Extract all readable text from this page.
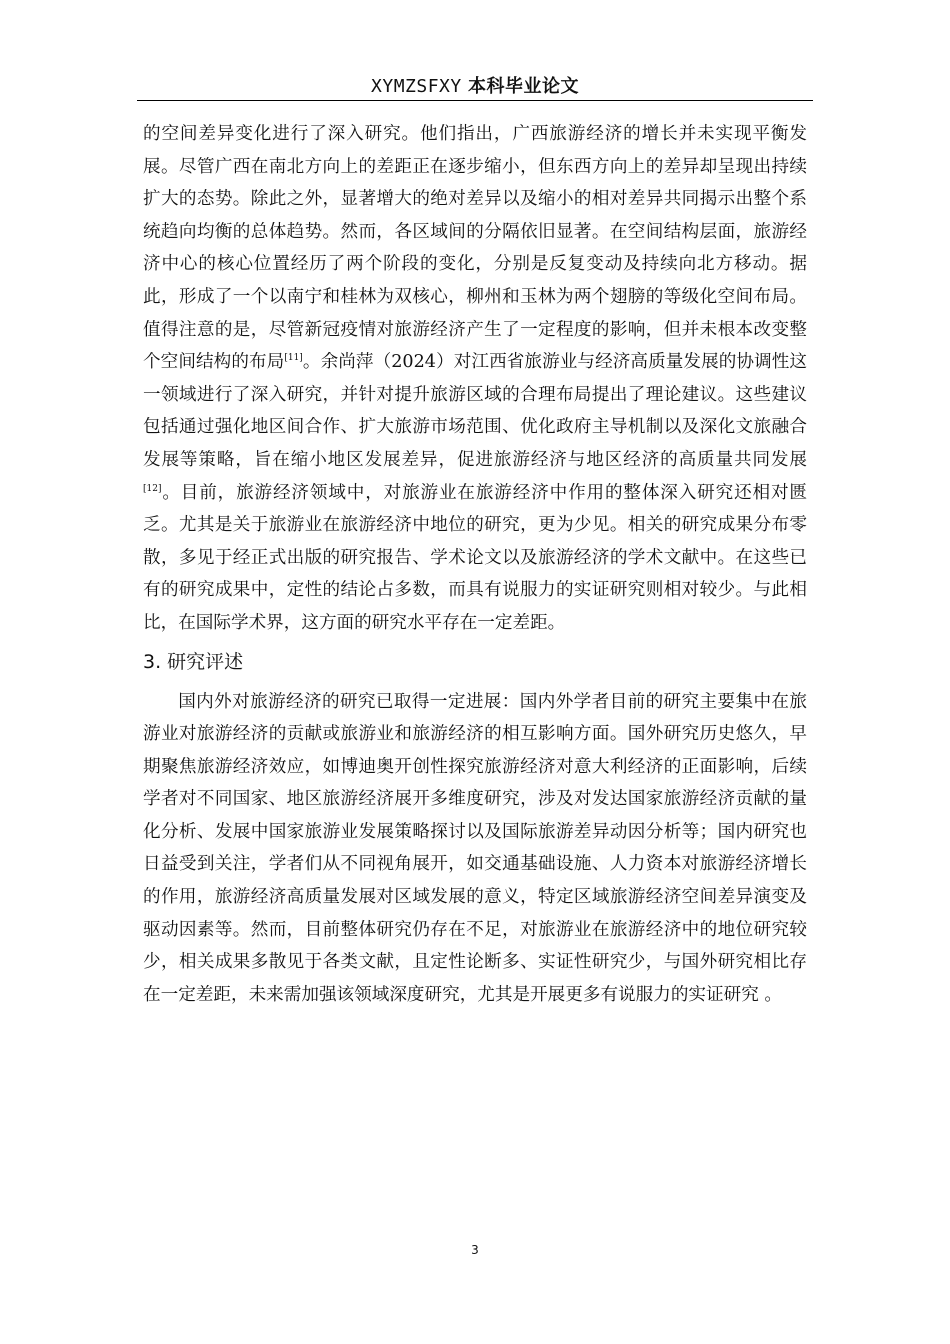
XYMZSFXY 本科毕业论文

的空间差异变化进行了深入研究。他们指出，广西旅游经济的增长并未实现平衡发展。尽管广西在南北方向上的差距正在逐步缩小，但东西方向上的差异却呈现出持续扩大的态势。除此之外，显著增大的绝对差异以及缩小的相对差异共同揭示出整个系统趋向均衡的总体趋势。然而，各区域间的分隔依旧显著。在空间结构层面，旅游经济中心的核心位置经历了两个阶段的变化，分别是反复变动及持续向北方移动。据此，形成了一个以南宁和桂林为双核心，柳州和玉林为两个翅膀的等级化空间布局。值得注意的是，尽管新冠疫情对旅游经济产生了一定程度的影响，但并未根本改变整个空间结构的布局[11]。余尚萍（2024）对江西省旅游业与经济高质量发展的协调性这一领域进行了深入研究，并针对提升旅游区域的合理布局提出了理论建议。这些建议包括通过强化地区间合作、扩大旅游市场范围、优化政府主导机制以及深化文旅融合发展等策略，旨在缩小地区发展差异，促进旅游经济与地区经济的高质量共同发展[12]。目前，旅游经济领域中，对旅游业在旅游经济中作用的整体深入研究还相对匮乏。尤其是关于旅游业在旅游经济中地位的研究，更为少见。相关的研究成果分布零散，多见于经正式出版的研究报告、学术论文以及旅游经济的学术文献中。在这些已有的研究成果中，定性的结论占多数，而具有说服力的实证研究则相对较少。与此相比，在国际学术界，这方面的研究水平存在一定差距。

3. 研究评述

国内外对旅游经济的研究已取得一定进展：国内外学者目前的研究主要集中在旅游业对旅游经济的贡献或旅游业和旅游经济的相互影响方面。国外研究历史悠久，早期聚焦旅游经济效应，如博迪奥开创性探究旅游经济对意大利经济的正面影响，后续学者对不同国家、地区旅游经济展开多维度研究，涉及对发达国家旅游经济贡献的量化分析、发展中国家旅游业发展策略探讨以及国际旅游差异动因分析等；国内研究也日益受到关注，学者们从不同视角展开，如交通基础设施、人力资本对旅游经济增长的作用，旅游经济高质量发展对区域发展的意义，特定区域旅游经济空间差异演变及驱动因素等。然而，目前整体研究仍存在不足，对旅游业在旅游经济中的地位研究较少，相关成果多散见于各类文献，且定性论断多、实证性研究少，与国外研究相比存在一定差距，未来需加强该领域深度研究，尤其是开展更多有说服力的实证研究 。

3
